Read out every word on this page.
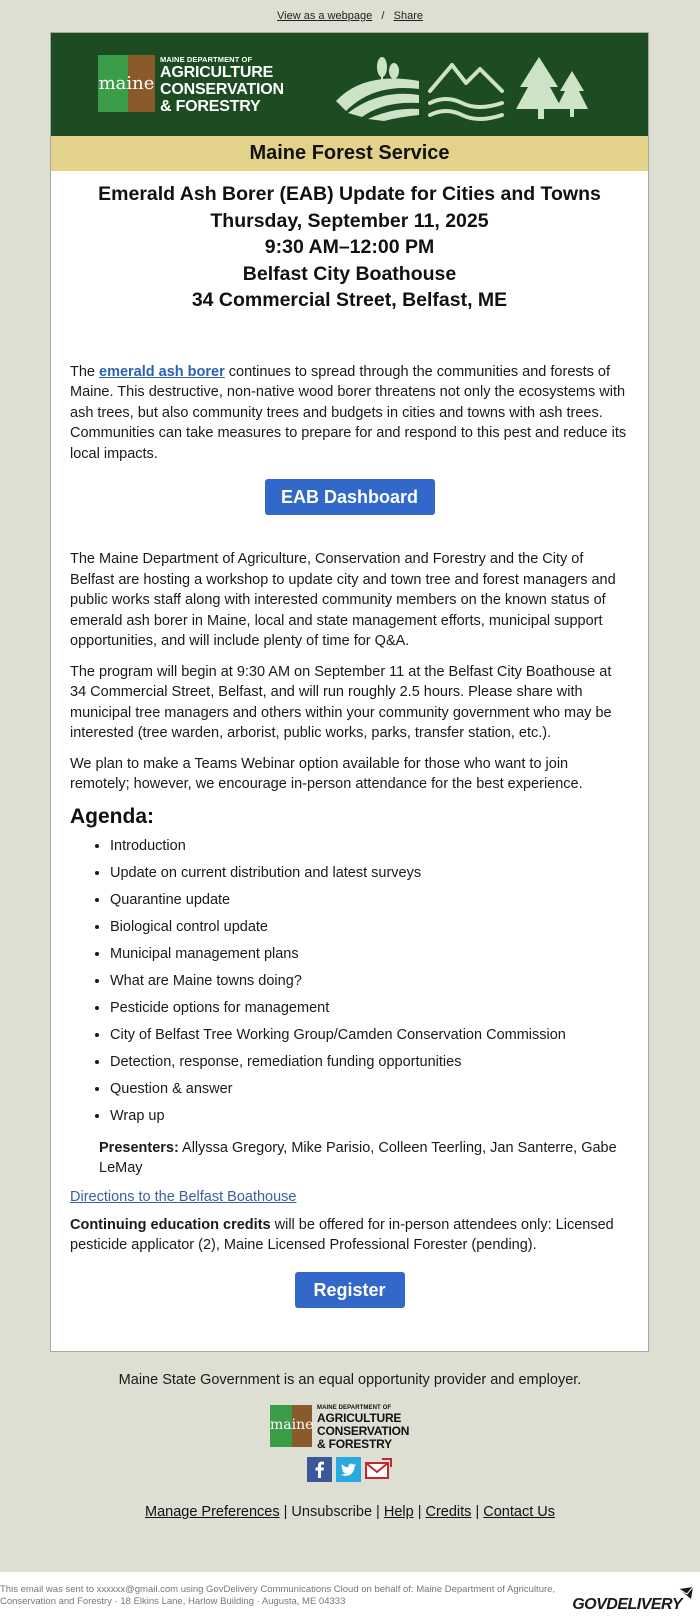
View as a webpage / Share
maine
MAINE DEPARTMENT OF
AGRICULTURE
CONSERVATION
& FORESTRY
Maine Forest Service
Emerald Ash Borer (EAB) Update for Cities and Towns
Thursday, September 11, 2025
9:30 AM–12:00 PM
Belfast City Boathouse
34 Commercial Street, Belfast, ME

The emerald ash borer continues to spread through the communities and forests of Maine. This destructive, non-native wood borer threatens not only the ecosystems with ash trees, but also community trees and budgets in cities and towns with ash trees. Communities can take measures to prepare for and respond to this pest and reduce its local impacts.

EAB Dashboard

The Maine Department of Agriculture, Conservation and Forestry and the City of Belfast are hosting a workshop to update city and town tree and forest managers and public works staff along with interested community members on the known status of emerald ash borer in Maine, local and state management efforts, municipal support opportunities, and will include plenty of time for Q&A.

The program will begin at 9:30 AM on September 11 at the Belfast City Boathouse at 34 Commercial Street, Belfast, and will run roughly 2.5 hours. Please share with municipal tree managers and others within your community government who may be interested (tree warden, arborist, public works, parks, transfer station, etc.).

We plan to make a Teams Webinar option available for those who want to join remotely; however, we encourage in-person attendance for the best experience.

Agenda:
• Introduction
• Update on current distribution and latest surveys
• Quarantine update
• Biological control update
• Municipal management plans
• What are Maine towns doing?
• Pesticide options for management
• City of Belfast Tree Working Group/Camden Conservation Commission
• Detection, response, remediation funding opportunities
• Question & answer
• Wrap up
Presenters: Allyssa Gregory, Mike Parisio, Colleen Teerling, Jan Santerre, Gabe LeMay
Directions to the Belfast Boathouse

Continuing education credits will be offered for in-person attendees only: Licensed pesticide applicator (2), Maine Licensed Professional Forester (pending).

Register
Maine State Government is an equal opportunity provider and employer.
maine
MAINE DEPARTMENT OF
AGRICULTURE
CONSERVATION
& FORESTRY
Manage Preferences | Unsubscribe | Help | Credits | Contact Us
This email was sent to xxxxxx@gmail.com using GovDelivery Communications Cloud on behalf of: Maine Department of Agriculture, Conservation and Forestry · 18 Elkins Lane, Harlow Building · Augusta, ME 04333	GOVDELIVERY
